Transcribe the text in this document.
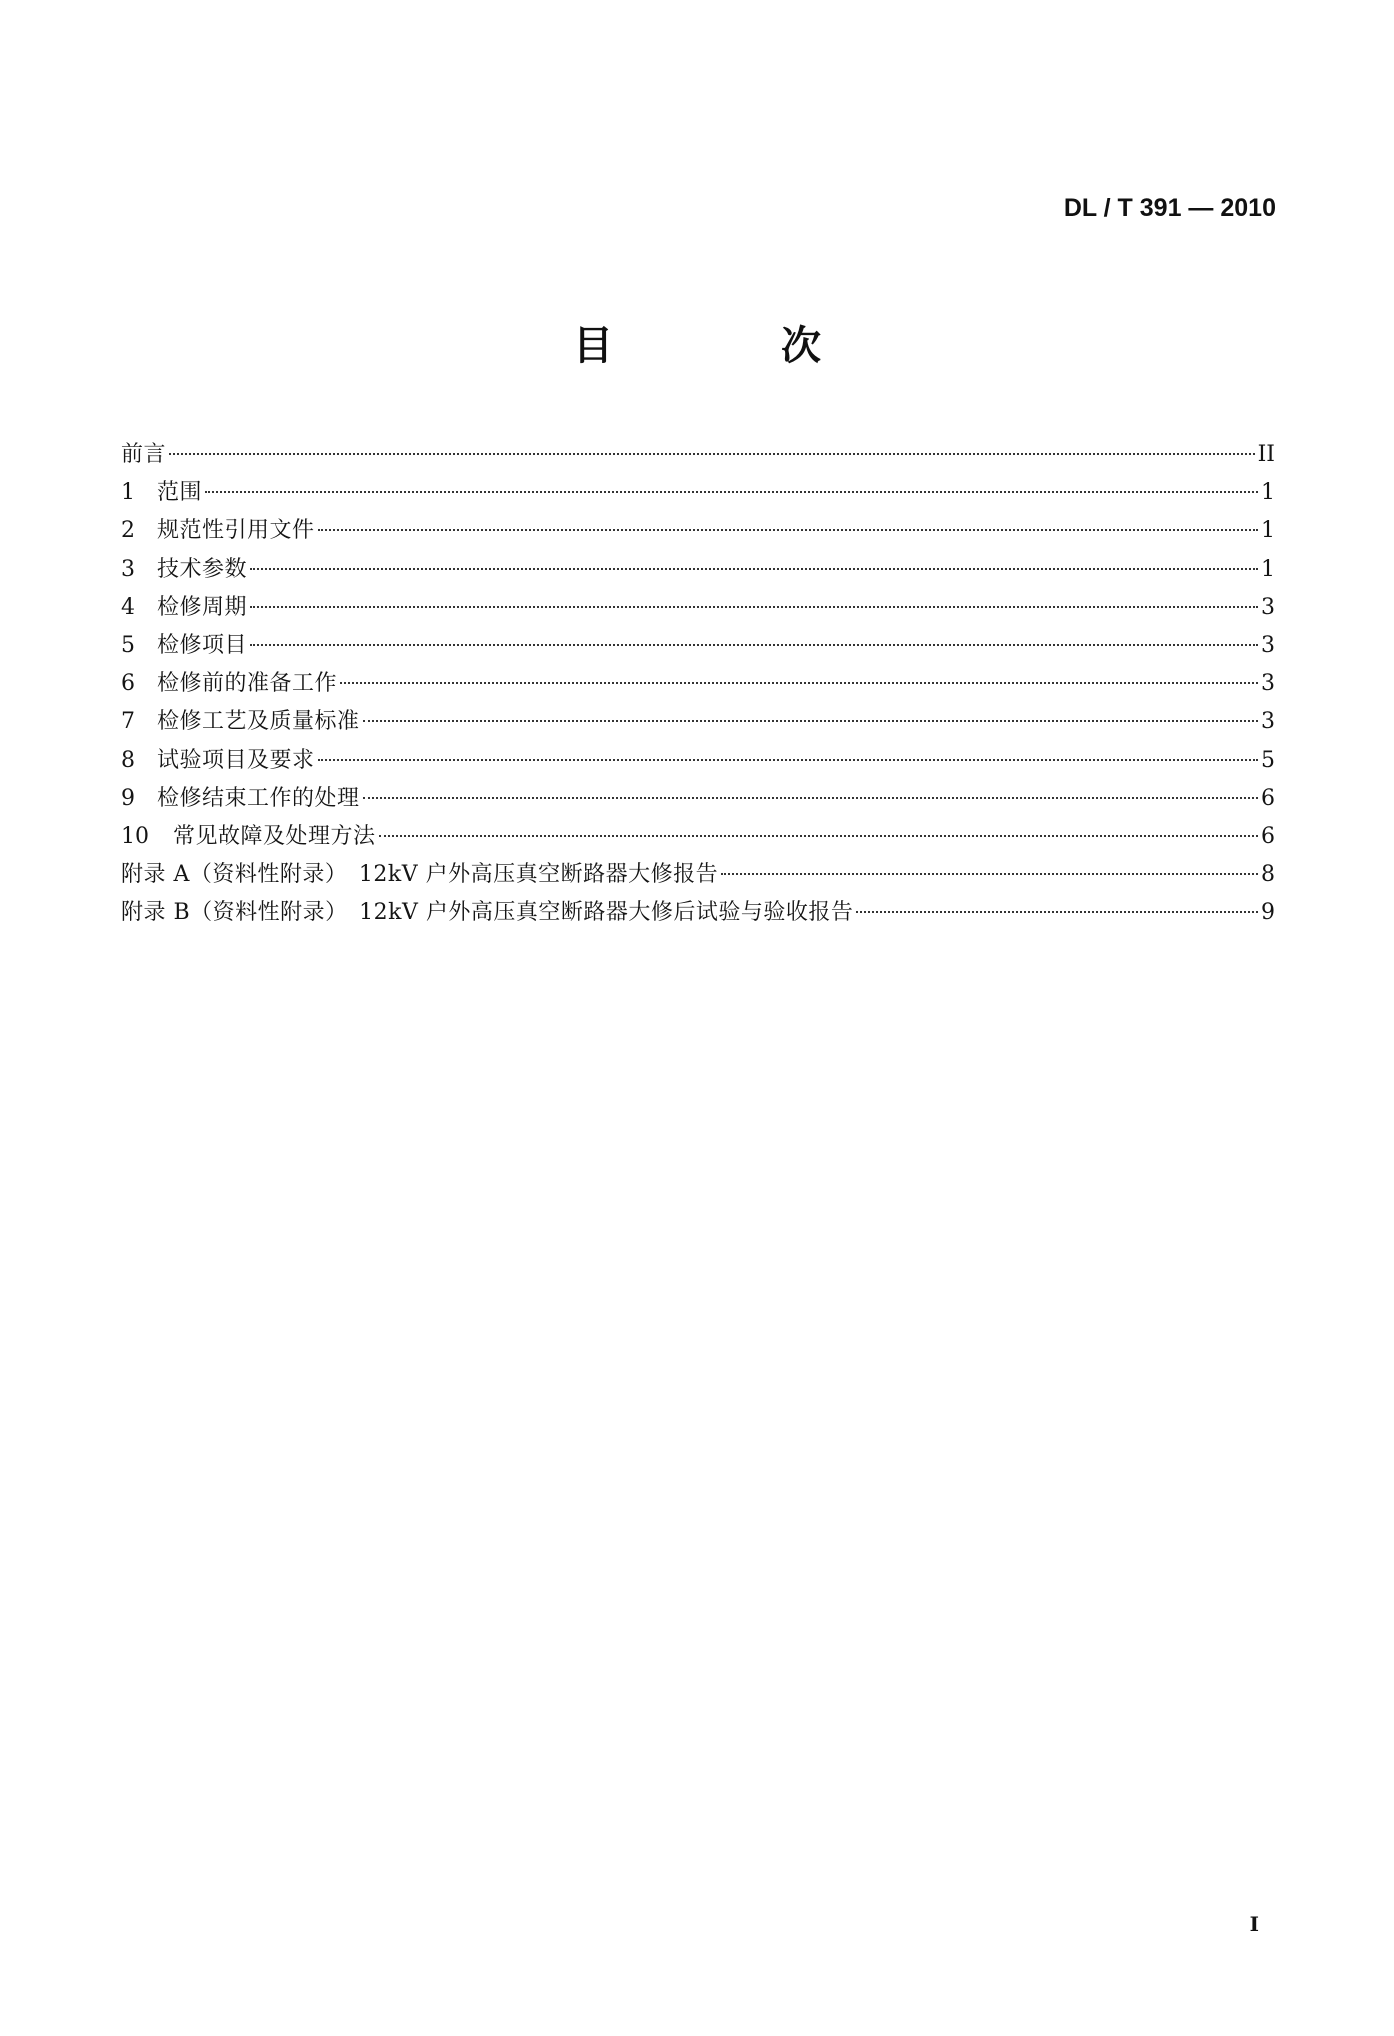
DL / T 391 — 2010
目　次
前言	II
1	范围	1
2	规范性引用文件	1
3	技术参数	1
4	检修周期	3
5	检修项目	3
6	检修前的准备工作	3
7	检修工艺及质量标准	3
8	试验项目及要求	5
9	检修结束工作的处理	6
10	常见故障及处理方法	6
附录 A（资料性附录）　12kV 户外高压真空断路器大修报告	8
附录 B（资料性附录）　12kV 户外高压真空断路器大修后试验与验收报告	9
I
